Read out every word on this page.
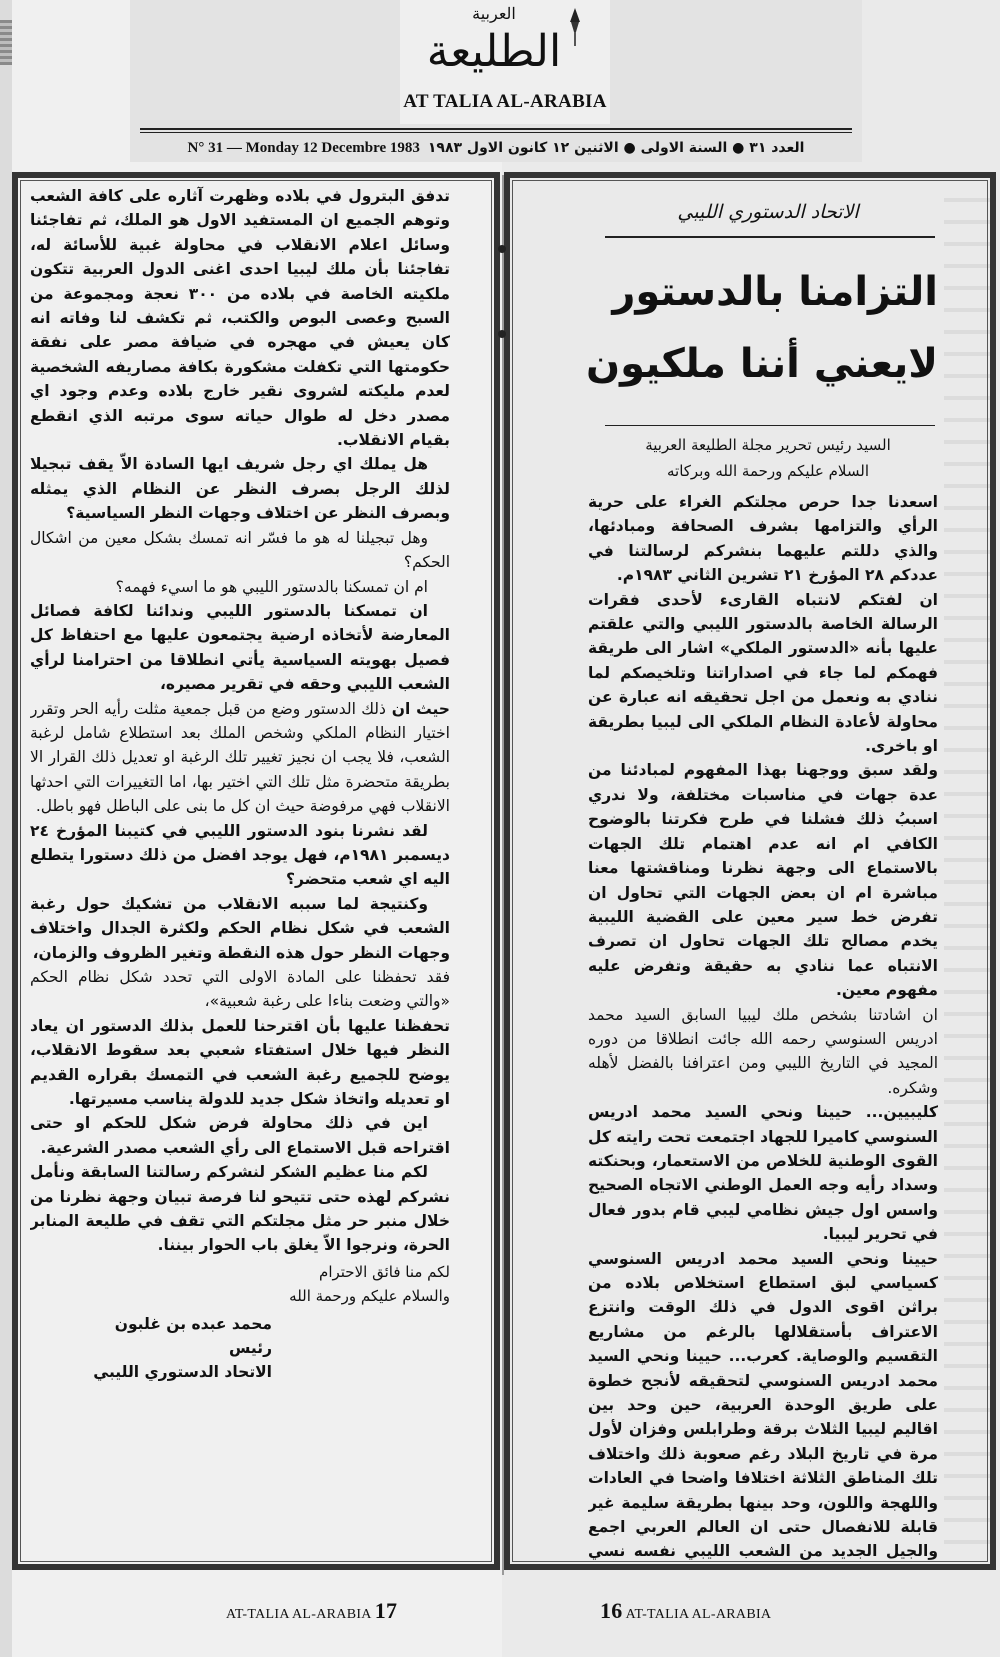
العربية
الطليعة
AT TALIA AL-ARABIA
N° 31 — Monday 12 Decembre 1983 العدد ٣١ ● السنة الاولى ● الاثنين ١٢ كانون الاول ١٩٨٣
الاتحاد الدستوري الليبي
التزامنا بالدستور
لايعني أننا ملكيون
السيد رئيس تحرير مجلة الطليعة العربية
السلام عليكم ورحمة الله وبركاته

اسعدنا جدا حرص مجلتكم الغراء على حرية الرأي والتزامها بشرف الصحافة ومبادئها، والذي دللتم عليهما بنشركم لرسالتنا في عددكم ٢٨ المؤرخ ٢١ تشرين الثاني ١٩٨٣م.

ان لفتكم لانتباه القارىء لأحدى فقرات الرسالة الخاصة بالدستور الليبي والتي علقتم عليها بأنه «الدستور الملكي» اشار الى طريقة فهمكم لما جاء في اصداراتنا وتلخيصكم لما ننادي به ونعمل من اجل تحقيقه انه عبارة عن محاولة لأعادة النظام الملكي الى ليبيا بطريقة او باخرى.

ولقد سبق ووجهنا بهذا المفهوم لمبادئنا من عدة جهات في مناسبات مختلفة، ولا ندري اسببُ ذلك فشلنا في طرح فكرتنا بالوضوح الكافي ام انه عدم اهتمام تلك الجهات بالاستماع الى وجهة نظرنا ومناقشتها معنا مباشرة ام ان بعض الجهات التي تحاول ان تفرض خط سير معين على القضية الليبية يخدم مصالح تلك الجهات تحاول ان تصرف الانتباه عما ننادي به حقيقة وتفرض عليه مفهوم معين.

ان اشادتنا بشخص ملك ليبيا السابق السيد محمد ادريس السنوسي رحمه الله جائت انطلاقا من دوره المجيد في التاريخ الليبي ومن اعترافنا بالفضل لأهله وشكره.

كليبيين... حيينا ونحي السيد محمد ادريس السنوسي كاميرا للجهاد اجتمعت تحت رايته كل القوى الوطنية للخلاص من الاستعمار، وبحنكته وسداد رأيه وجه العمل الوطني الاتجاه الصحيح واسس اول جيش نظامي ليبي قام بدور فعال في تحرير ليبيا.

حيينا ونحي السيد محمد ادريس السنوسي كسياسي لبق استطاع استخلاص بلاده من براثن اقوى الدول في ذلك الوقت وانتزع الاعتراف بأستقلالها بالرغم من مشاريع التقسيم والوصاية. كعرب... حيينا ونحي السيد محمد ادريس السنوسي لتحقيقه لأنجح خطوة على طريق الوحدة العربية، حين وحد بين اقاليم ليبيا الثلاث برقة وطرابلس وفزان لأول مرة في تاريخ البلاد رغم صعوبة ذلك واختلاف تلك المناطق الثلاثة اختلافا واضحا في العادات واللهجة واللون، وحد بينها بطريقة سليمة غير قابلة للانفصال حتى ان العالم العربي اجمع والجيل الجديد من الشعب الليبي نفسه نسي

تدفق البترول في بلاده وظهرت آثاره على كافة الشعب وتوهم الجميع ان المستفيد الاول هو الملك، ثم تفاجئنا وسائل اعلام الانقلاب في محاولة غبية للأسائة له، تفاجئنا بأن ملك ليبيا احدى اغنى الدول العربية تتكون ملكيته الخاصة في بلاده من ٣٠٠ نعجة ومجموعة من السبح وعصى البوص والكتب، ثم تكشف لنا وفاته انه كان يعيش في مهجره في ضيافة مصر على نفقة حكومتها التي تكفلت مشكورة بكافة مصاريفه الشخصية لعدم مليكته لشروى نقير خارج بلاده وعدم وجود اي مصدر دخل له طوال حياته سوى مرتبه الذي انقطع بقيام الانقلاب.

هل يملك اي رجل شريف ايها السادة الاّ يقف تبجيلا لذلك الرجل بصرف النظر عن النظام الذي يمثله وبصرف النظر عن اختلاف وجهات النظر السياسية؟

وهل تبجيلنا له هو ما فسّر انه تمسك بشكل معين من اشكال الحكم؟

ام ان تمسكنا بالدستور الليبي هو ما اسيء فهمه؟

ان تمسكنا بالدستور الليبي وندائنا لكافة فصائل المعارضة لأتخاذه ارضية يجتمعون عليها مع احتفاظ كل فصيل بهويته السياسية يأتي انطلاقا من احترامنا لرأي الشعب الليبي وحقه في تقرير مصيره،

حيث ان ذلك الدستور وضع من قبل جمعية مثلت رأيه الحر وتقرر اختيار النظام الملكي وشخص الملك بعد استطلاع شامل لرغبة الشعب، فلا يجب ان نجيز تغيير تلك الرغبة او تعديل ذلك القرار الا بطريقة متحضرة مثل تلك التي اختير بها، اما التغييرات التي احدثها الانقلاب فهي مرفوضة حيث ان كل ما بنى على الباطل فهو باطل.

لقد نشرنا بنود الدستور الليبي في كتيبنا المؤرخ ٢٤ ديسمبر ١٩٨١م، فهل يوجد افضل من ذلك دستورا يتطلع اليه اي شعب متحضر؟

وكنتيجة لما سببه الانقلاب من تشكيك حول رغبة الشعب في شكل نظام الحكم ولكثرة الجدال واختلاف وجهات النظر حول هذه النقطة وتغير الظروف والزمان،

فقد تحفظنا على المادة الاولى التي تحدد شكل نظام الحكم «والتي وضعت بناءا على رغبة شعبية»،

تحفظنا عليها بأن اقترحنا للعمل بذلك الدستور ان يعاد النظر فيها خلال استفتاء شعبي بعد سقوط الانقلاب، يوضح للجميع رغبة الشعب في التمسك بقراره القديم او تعديله واتخاذ شكل جديد للدولة يناسب مسيرتها.

اين في ذلك محاولة فرض شكل للحكم او حتى اقتراحه قبل الاستماع الى رأي الشعب مصدر الشرعية.

لكم منا عظيم الشكر لنشركم رسالتنا السابقة ونأمل نشركم لهذه حتى تتيحو لنا فرصة تبيان وجهة نظرنا من خلال منبر حر مثل مجلتكم التي تقف في طليعة المنابر الحرة، ونرجوا الاّ يغلق باب الحوار بيننا.

لكم منا فائق الاحترام
والسلام عليكم ورحمة الله
محمد عبده بن غلبون
رئيس
الاتحاد الدستوري الليبي
AT-TALIA AL-ARABIA 17	16 AT-TALIA AL-ARABIA
